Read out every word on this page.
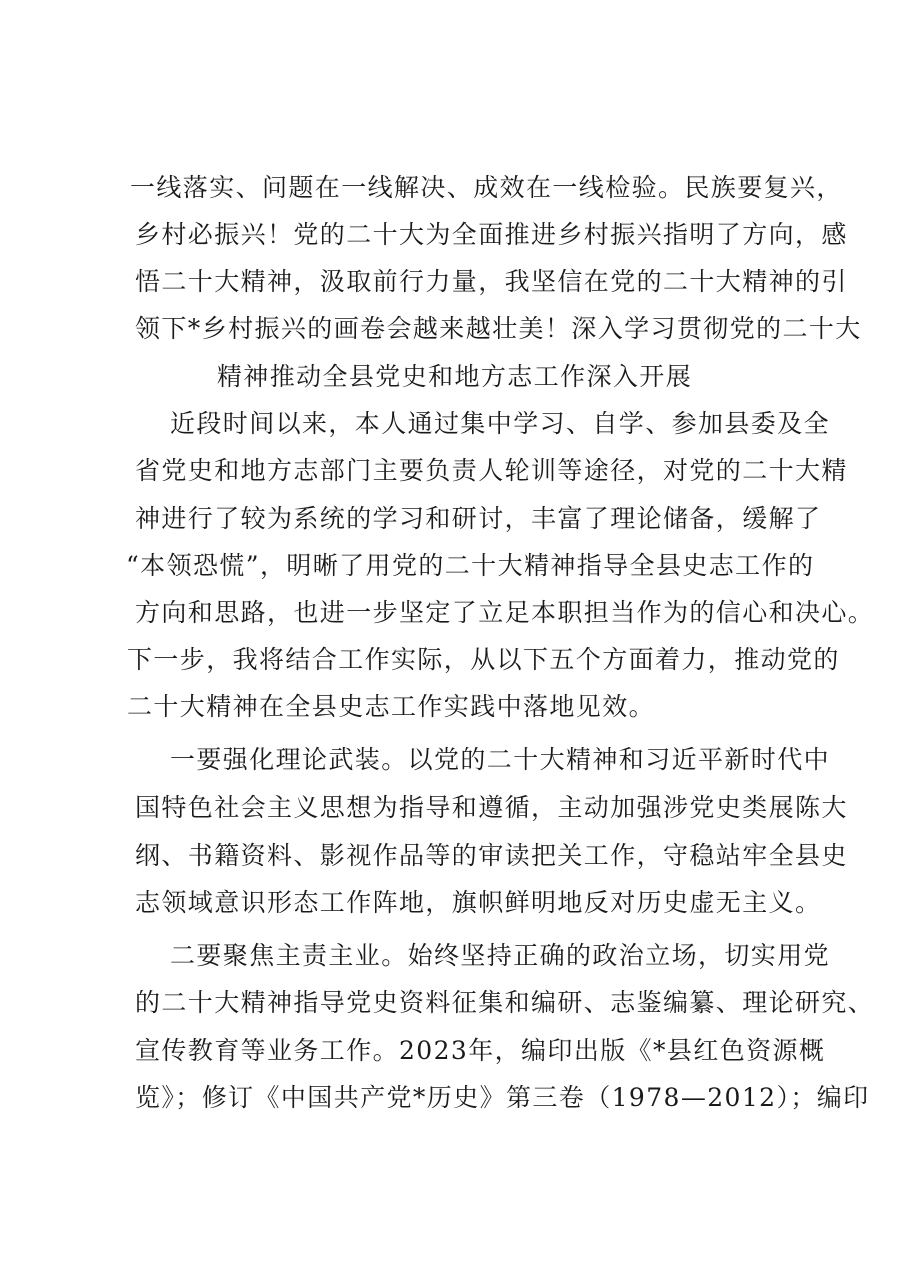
一线落实、问题在一线解决、成效在一线检验。民族要复兴，
乡村必振兴！党的二十大为全面推进乡村振兴指明了方向，感
悟二十大精神，汲取前行力量，我坚信在党的二十大精神的引
领下*乡村振兴的画卷会越来越壮美！深入学习贯彻党的二十大
精神推动全县党史和地方志工作深入开展
近段时间以来，本人通过集中学习、自学、参加县委及全
省党史和地方志部门主要负责人轮训等途径，对党的二十大精
神进行了较为系统的学习和研讨，丰富了理论储备，缓解了
“本领恐慌”，明晰了用党的二十大精神指导全县史志工作的
方向和思路，也进一步坚定了立足本职担当作为的信心和决心。
下一步，我将结合工作实际，从以下五个方面着力，推动党的
二十大精神在全县史志工作实践中落地见效。
一要强化理论武装。以党的二十大精神和习近平新时代中
国特色社会主义思想为指导和遵循，主动加强涉党史类展陈大
纲、书籍资料、影视作品等的审读把关工作，守稳站牢全县史
志领域意识形态工作阵地，旗帜鲜明地反对历史虚无主义。
二要聚焦主责主业。始终坚持正确的政治立场，切实用党
的二十大精神指导党史资料征集和编研、志鉴编纂、理论研究、
宣传教育等业务工作。2023年，编印出版《*县红色资源概
览》；修订《中国共产党*历史》第三卷（1978—2012）；编印
